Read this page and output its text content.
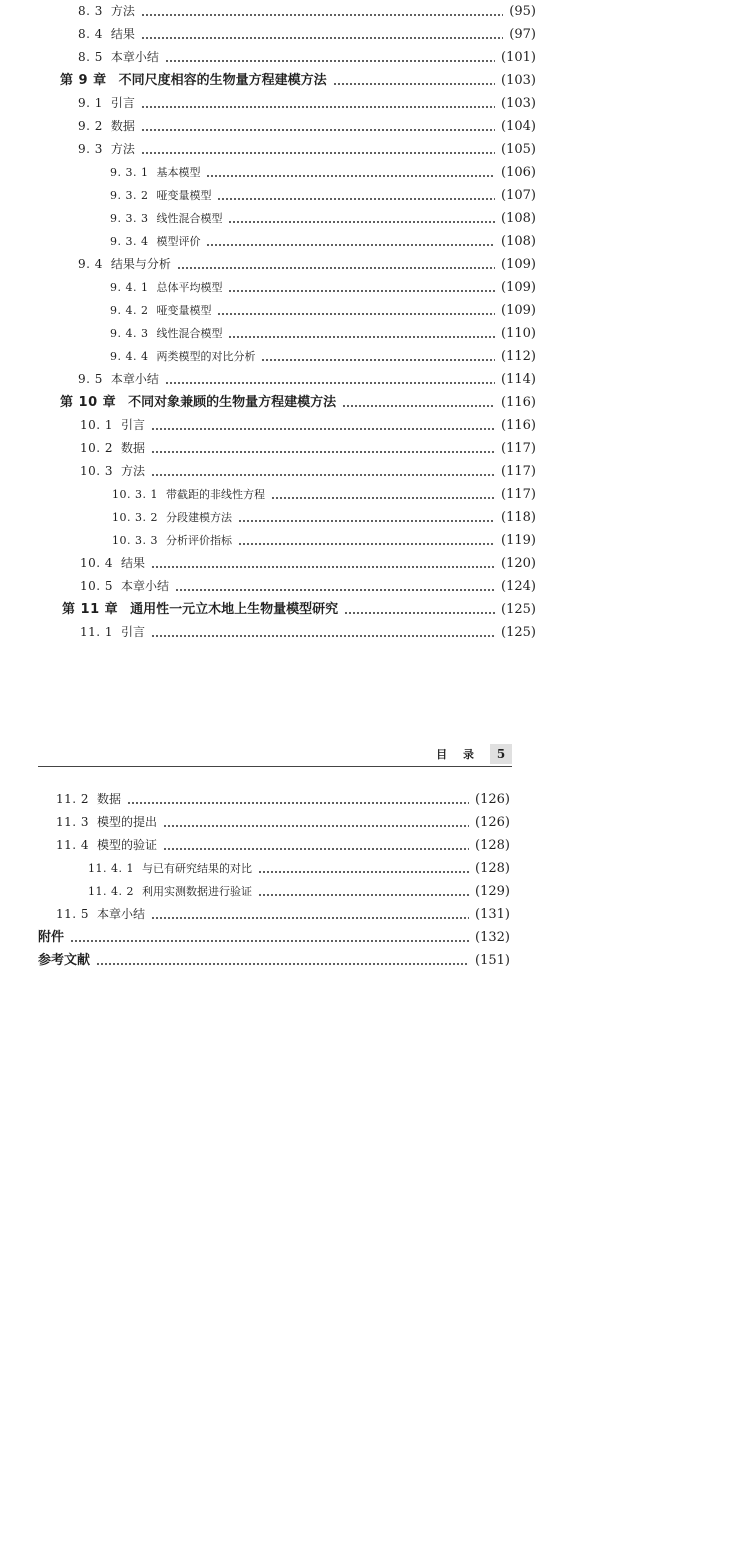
8. 3 方法	( 95 )
8. 4 结果	( 97 )
8. 5 本章小结	( 101 )
第 9 章 不同尺度相容的生物量方程建模方法	( 103 )
9. 1 引言	( 103 )
9. 2 数据	( 104 )
9. 3 方法	( 105 )
9. 3. 1 基本模型	( 106 )
9. 3. 2 哑变量模型	( 107 )
9. 3. 3 线性混合模型	( 108 )
9. 3. 4 模型评价	( 108 )
9. 4 结果与分析	( 109 )
9. 4. 1 总体平均模型	( 109 )
9. 4. 2 哑变量模型	( 109 )
9. 4. 3 线性混合模型	( 110 )
9. 4. 4 两类模型的对比分析	( 112 )
9. 5 本章小结	( 114 )
第 10 章 不同对象兼顾的生物量方程建模方法	( 116 )
10. 1 引言	( 116 )
10. 2 数据	( 117 )
10. 3 方法	( 117 )
10. 3. 1 带截距的非线性方程	( 117 )
10. 3. 2 分段建模方法	( 118 )
10. 3. 3 分析评价指标	( 119 )
10. 4 结果	( 120 )
10. 5 本章小结	( 124 )
第 11 章 通用性一元立木地上生物量模型研究	( 125 )
11. 1 引言	( 125 )
目 录	5
11. 2 数据	( 126 )
11. 3 模型的提出	( 126 )
11. 4 模型的验证	( 128 )
11. 4. 1 与已有研究结果的对比	( 128 )
11. 4. 2 利用实测数据进行验证	( 129 )
11. 5 本章小结	( 131 )
附件	( 132 )
参考文献	( 151 )
